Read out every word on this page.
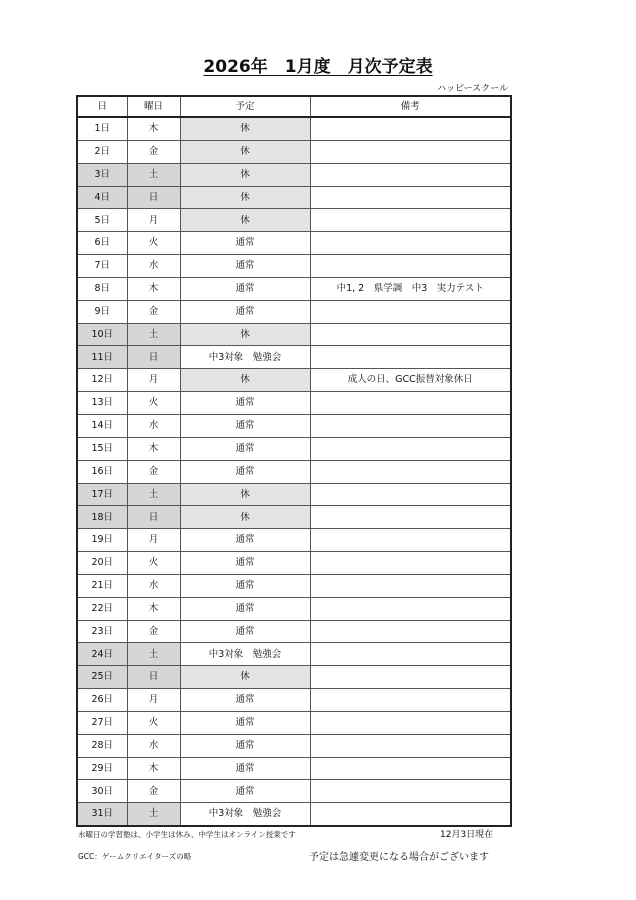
2026年　1月度　月次予定表
ハッピースクール
日	曜日	予定	備考
1日	木	休	
2日	金	休	
3日	土	休	
4日	日	休	
5日	月	休	
6日	火	通常	
7日	水	通常	
8日	木	通常	中1, 2　県学調　中3　実力テスト
9日	金	通常	
10日	土	休	
11日	日	中3対象　勉強会	
12日	月	休	成人の日、GCC振替対象休日
13日	火	通常	
14日	水	通常	
15日	木	通常	
16日	金	通常	
17日	土	休	
18日	日	休	
19日	月	通常	
20日	火	通常	
21日	水	通常	
22日	木	通常	
23日	金	通常	
24日	土	中3対象　勉強会	
25日	日	休	
26日	月	通常	
27日	火	通常	
28日	水	通常	
29日	木	通常	
30日	金	通常	
31日	土	中3対象　勉強会	
水曜日の学習塾は、小学生は休み、中学生はオンライン授業です	12月3日現在
GCC：ゲームクリエイターズの略	予定は急遽変更になる場合がございます
